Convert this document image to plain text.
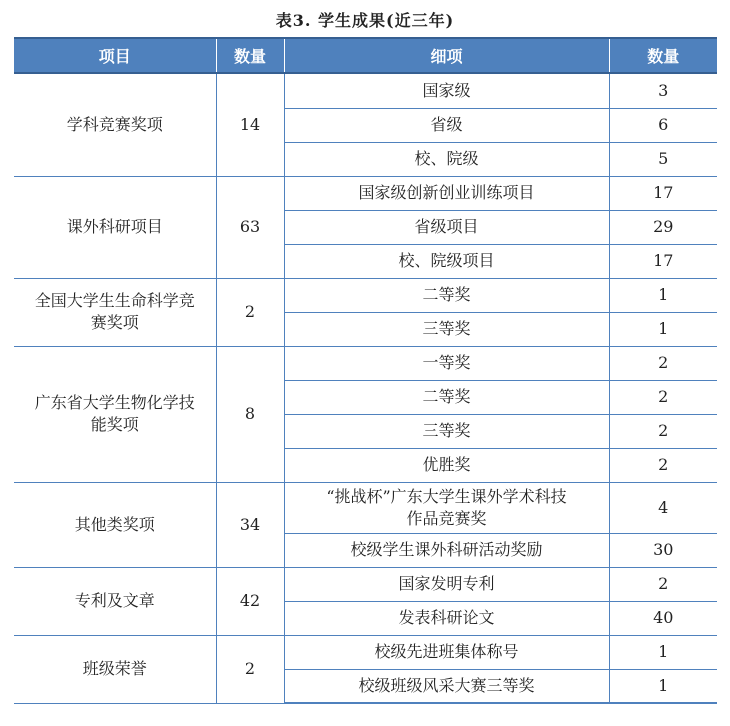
表3. 学生成果(近三年)
项目	数量	细项	数量
学科竞赛奖项	14	国家级	3
		省级	6
		校、院级	5
课外科研项目	63	国家级创新创业训练项目	17
		省级项目	29
		校、院级项目	17
全国大学生生命科学竞赛奖项	2	二等奖	1
		三等奖	1
广东省大学生物化学技能奖项	8	一等奖	2
		二等奖	2
		三等奖	2
		优胜奖	2
其他类奖项	34	“挑战杯”广东大学生课外学术科技作品竞赛奖	4
		校级学生课外科研活动奖励	30
专利及文章	42	国家发明专利	2
		发表科研论文	40
班级荣誉	2	校级先进班集体称号	1
		校级班级风采大赛三等奖	1
